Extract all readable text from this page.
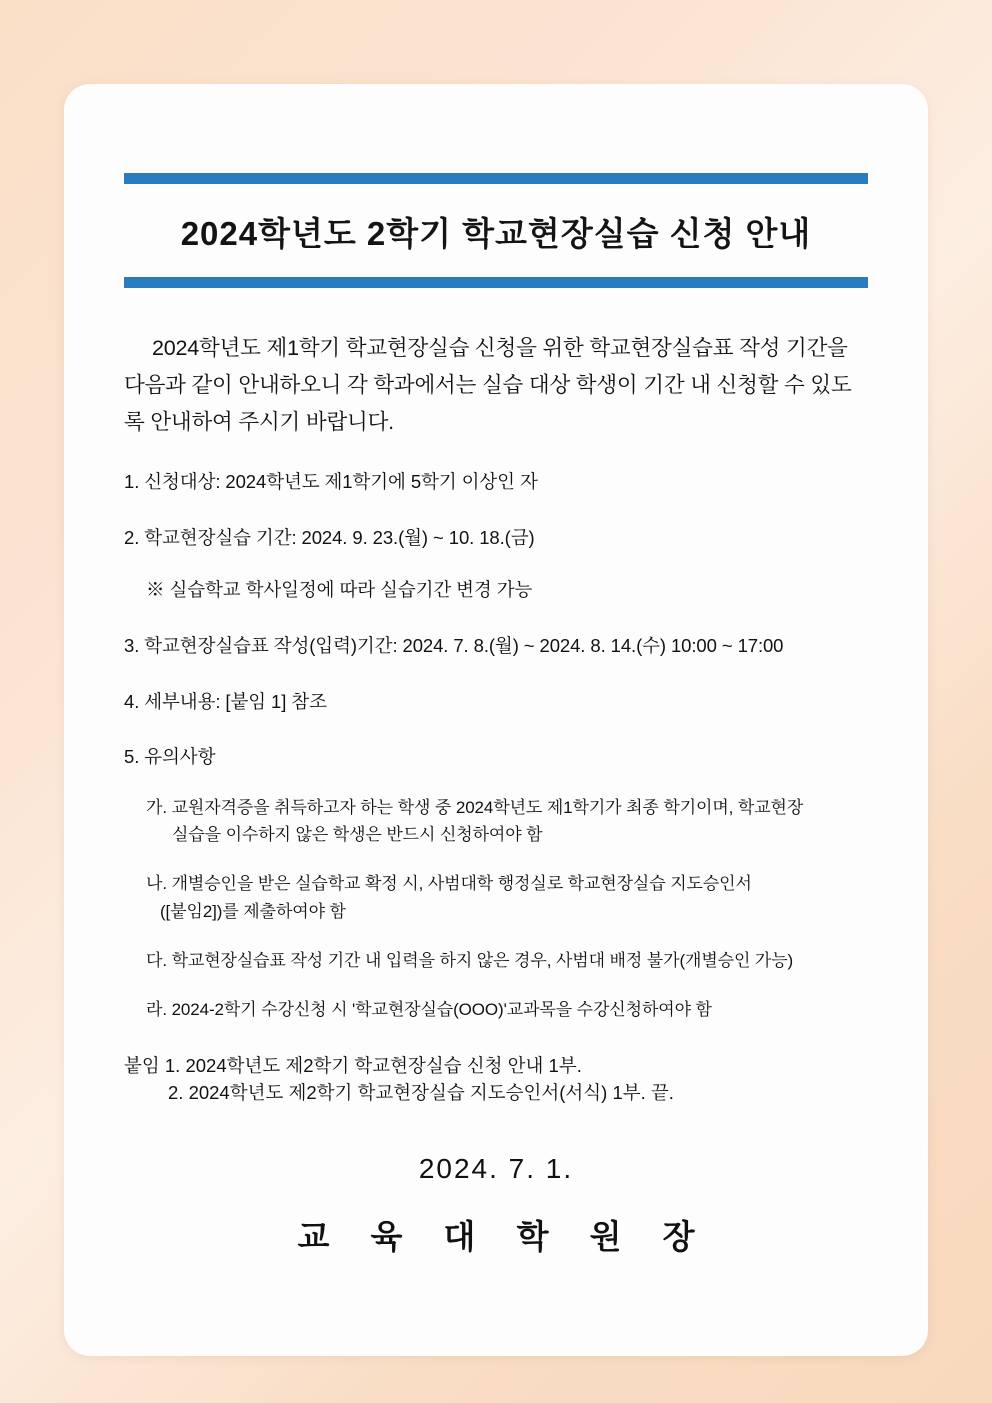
2024학년도 2학기 학교현장실습 신청 안내
2024학년도 제1학기 학교현장실습 신청을 위한 학교현장실습표 작성 기간을 다음과 같이 안내하오니 각 학과에서는 실습 대상 학생이 기간 내 신청할 수 있도록 안내하여 주시기 바랍니다.
1. 신청대상: 2024학년도 제1학기에 5학기 이상인 자
2. 학교현장실습 기간: 2024. 9. 23.(월) ~ 10. 18.(금)
※ 실습학교 학사일정에 따라 실습기간 변경 가능
3. 학교현장실습표 작성(입력)기간: 2024. 7. 8.(월) ~ 2024. 8. 14.(수) 10:00 ~ 17:00
4. 세부내용: [붙임 1] 참조
5. 유의사항
가. 교원자격증을 취득하고자 하는 학생 중 2024학년도 제1학기가 최종 학기이며, 학교현장
실습을 이수하지 않은 학생은 반드시 신청하여야 함
나. 개별승인을 받은 실습학교 확정 시, 사범대학 행정실로 학교현장실습 지도승인서
([붙임2])를 제출하여야 함
다. 학교현장실습표 작성 기간 내 입력을 하지 않은 경우, 사범대 배정 불가(개별승인 가능)
라. 2024-2학기 수강신청 시 '학교현장실습(OOO)'교과목을 수강신청하여야 함
붙임 1. 2024학년도 제2학기 학교현장실습 신청 안내 1부.
2. 2024학년도 제2학기 학교현장실습 지도승인서(서식) 1부. 끝.
2024. 7. 1.
교 육 대 학 원 장
